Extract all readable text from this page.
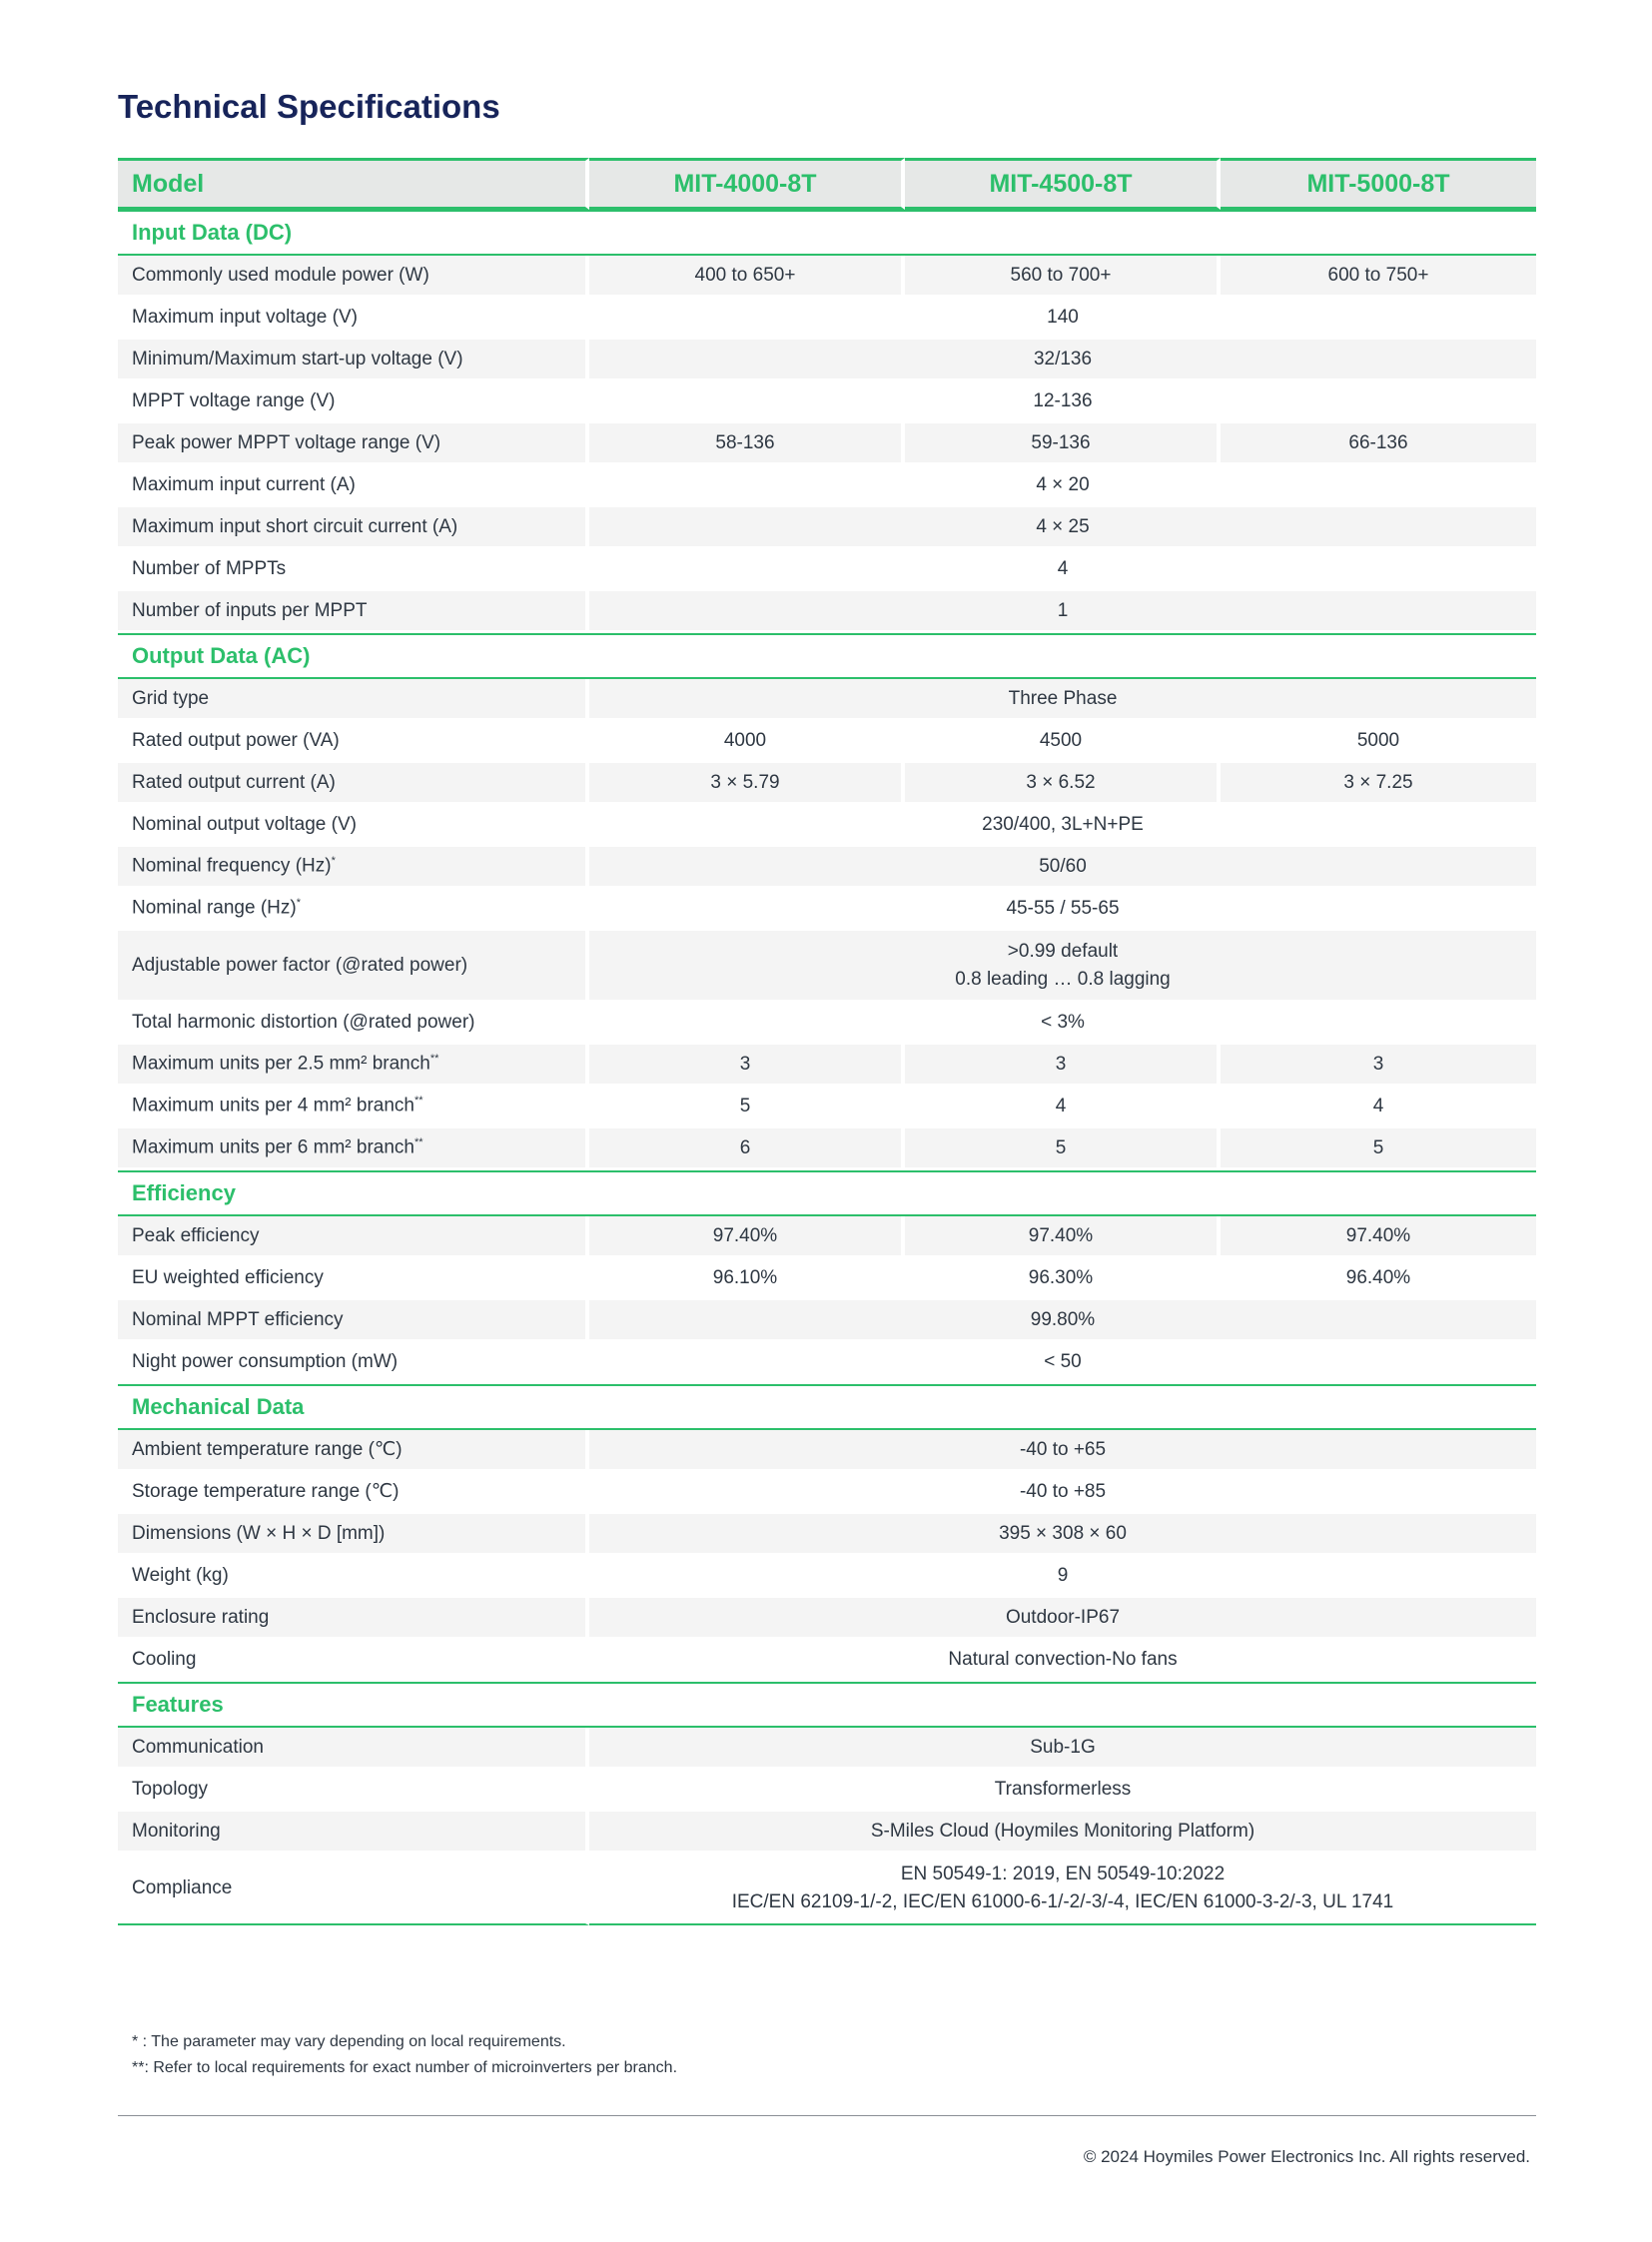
Technical Specifications
Model	MIT-4000-8T	MIT-4500-8T	MIT-5000-8T
Input Data (DC)			
Commonly used module power (W)	400 to 650+	560 to 700+	600 to 750+
Maximum input voltage (V)	140		
Minimum/Maximum start-up voltage (V)	32/136		
MPPT voltage range (V)	12-136		
Peak power MPPT voltage range (V)	58-136	59-136	66-136
Maximum input current (A)	4 × 20		
Maximum input short circuit current (A)	4 × 25		
Number of MPPTs	4		
Number of inputs per MPPT	1		
Output Data (AC)			
Grid type	Three Phase		
Rated output power (VA)	4000	4500	5000
Rated output current (A)	3 × 5.79	3 × 6.52	3 × 7.25
Nominal output voltage (V)	230/400, 3L+N+PE		
Nominal frequency (Hz)*	50/60		
Nominal range (Hz)*	45-55 / 55-65		
Adjustable power factor (@rated power)	>0.99 default
0.8 leading … 0.8 lagging		

Total harmonic distortion (@rated power)	< 3%		
Maximum units per 2.5 mm² branch**	3	3	3
Maximum units per 4 mm² branch**	5	4	4
Maximum units per 6 mm² branch**	6	5	5
Efficiency			
Peak efficiency	97.40%	97.40%	97.40%
EU weighted efficiency	96.10%	96.30%	96.40%
Nominal MPPT efficiency	99.80%		
Night power consumption (mW)	< 50		
Mechanical Data			
Ambient temperature range (℃)	-40 to +65		
Storage temperature range (℃)	-40 to +85		
Dimensions (W × H × D [mm])	395 × 308 × 60		
Weight (kg)	9		
Enclosure rating	Outdoor-IP67		
Cooling	Natural convection-No fans		
Features			
Communication	Sub-1G		
Topology	Transformerless		
Monitoring	S-Miles Cloud (Hoymiles Monitoring Platform)		
Compliance	EN 50549-1: 2019, EN 50549-10:2022
IEC/EN 62109-1/-2, IEC/EN 61000-6-1/-2/-3/-4, IEC/EN 61000-3-2/-3, UL 1741		
* : The parameter may vary depending on local requirements.
**: Refer to local requirements for exact number of microinverters per branch.
© 2024 Hoymiles Power Electronics Inc. All rights reserved.
